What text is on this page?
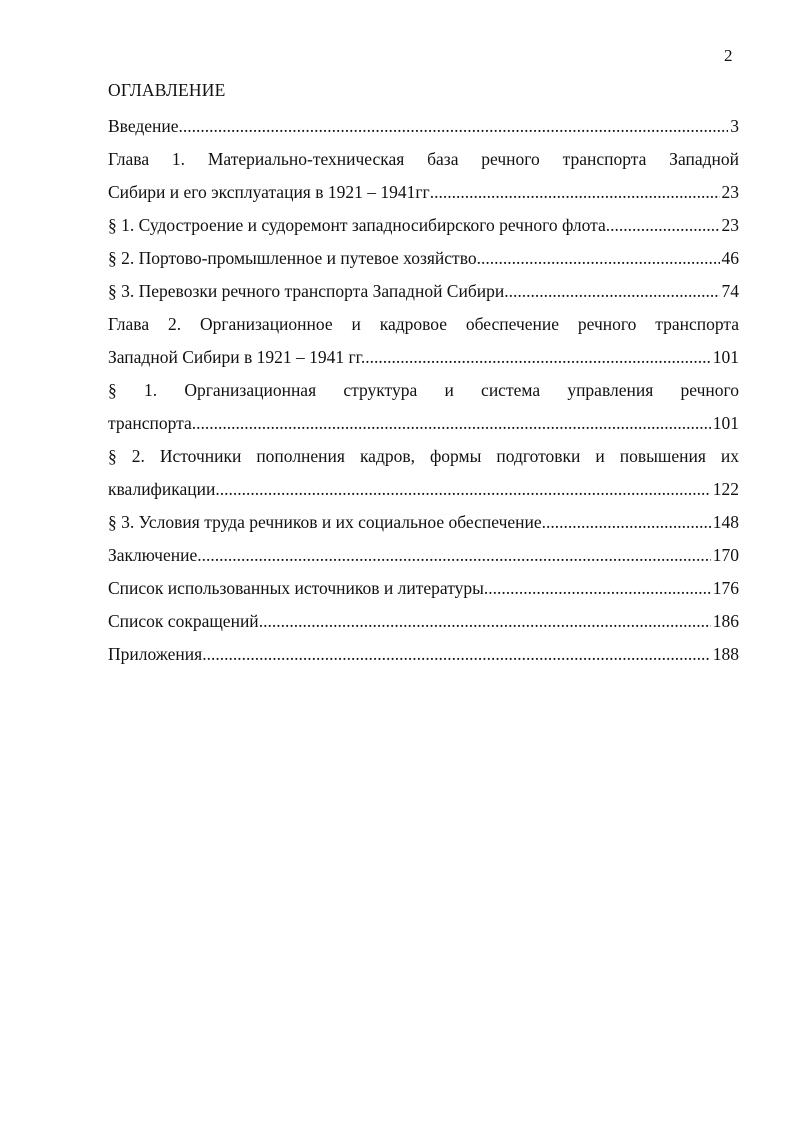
2
ОГЛАВЛЕНИЕ
Введение .....	3
Глава 1. Материально-техническая база речного транспорта Западной
Сибири и его эксплуатация в 1921 – 1941гг .....	23
§ 1. Судостроение и судоремонт западносибирского речного флота .....	23
§ 2. Портово-промышленное и путевое хозяйство .....	46
§ 3. Перевозки речного транспорта Западной Сибири. .....	74
Глава 2. Организационное и кадровое обеспечение речного транспорта
Западной Сибири в 1921 – 1941 гг. .....	101
§ 1. Организационная структура и система управления речного
транспорта .....	101
§ 2. Источники пополнения кадров, формы подготовки и повышения их
квалификации .....	122
§ 3. Условия труда речников и их социальное обеспечение .....	148
Заключение .....	170
Список использованных источников и литературы .....	176
Список сокращений .....	186
Приложения .....	188
